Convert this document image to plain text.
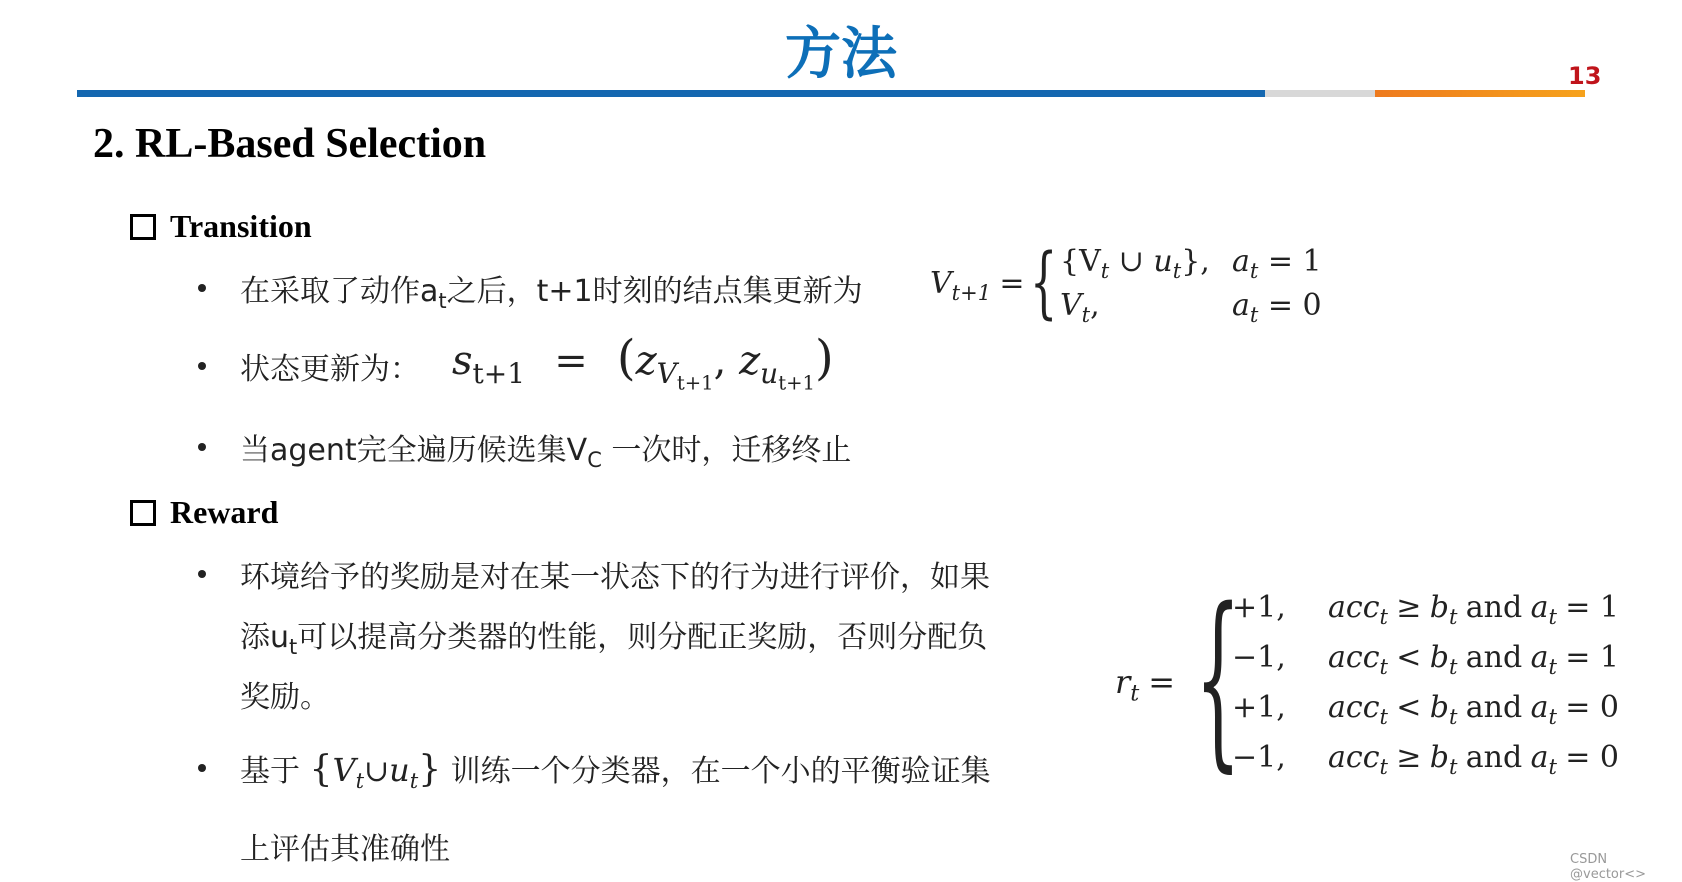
方法	13
2. RL-Based Selection
Transition
在采取了动作$a_t$之后，t+1时刻的结点集更新为 $V_{t+1}$ = { {$V_t$ ∪ $u_t$}, $a_t = 1$
$V_t$,	$a_t = 0$
状态更新为： $s_{t+1} = (z_{V_{t+1}}$, $z_{u_{t+1}}$)
当agent完全遍历候选集$V_C$ 一次时，迁移终止
Reward
环境给予的奖励是对在某一状态下的行为进行评价，如果
添$u_t$可以提高分类器的性能，则分配正奖励，否则分配负
奖励。
基于 $\{V_t\cup u_t\}$ 训练一个分类器，在一个小的平衡验证集
上评估其准确性
$r_t$ = {
+1, $acc_t \ge b_t$ and $a_t = 1$
−1, $acc_t < b_t$ and $a_t = 1$
+1, $acc_t < b_t$ and $a_t = 0$
−1, $acc_t \ge b_t$ and $a_t = 0$
CSDN @vector<>
